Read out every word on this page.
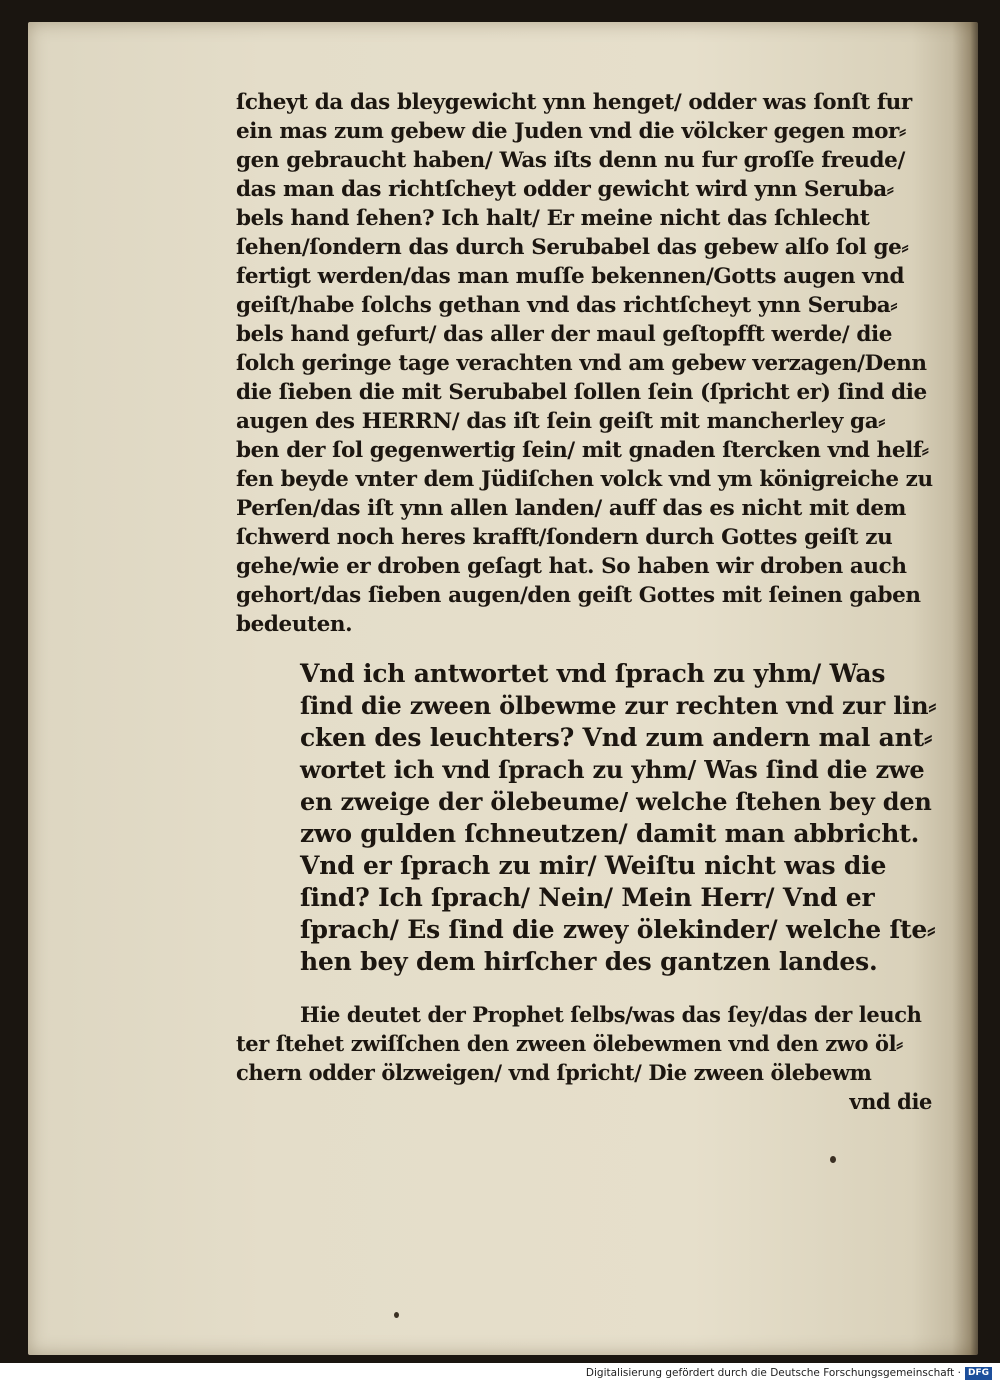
ſcheyt da das bleygewicht ynn henget/ odder was ſonſt fur
ein mas zum gebew die Juden vnd die völcker gegen mor⸗
gen gebraucht haben/ Was iſts denn nu fur groſſe freude/
das man das richtſcheyt odder gewicht wird ynn Seruba⸗
bels hand ſehen? Ich halt/ Er meine nicht das ſchlecht
ſehen/ſondern das durch Serubabel das gebew alſo ſol ge⸗
fertigt werden/das man muſſe bekennen/Gotts augen vnd
geiſt/habe ſolchs gethan vnd das richtſcheyt ynn Seruba⸗
bels hand gefurt/ das aller der maul geſtopfft werde/ die
ſolch geringe tage verachten vnd am gebew verzagen/Denn
die ſieben die mit Serubabel ſollen ſein (ſpricht er) ſind die
augen des HERRN/ das iſt ſein geiſt mit mancherley ga⸗
ben der ſol gegenwertig ſein/ mit gnaden ſtercken vnd helf⸗
fen beyde vnter dem Jüdiſchen volck vnd ym königreiche zu
Perſen/das iſt ynn allen landen/ auff das es nicht mit dem
ſchwerd noch heres krafft/ſondern durch Gottes geiſt zu
gehe/wie er droben geſagt hat. So haben wir droben auch
gehort/das ſieben augen/den geiſt Gottes mit ſeinen gaben
bedeuten.
Vnd ich antwortet vnd ſprach zu yhm/ Was
ſind die zween ölbewme zur rechten vnd zur lin⸗
cken des leuchters? Vnd zum andern mal ant⸗
wortet ich vnd ſprach zu yhm/ Was ſind die zwe
en zweige der ölebeume/ welche ſtehen bey den
zwo gulden ſchneutzen/ damit man abbricht.
Vnd er ſprach zu mir/ Weiſtu nicht was die
ſind? Ich ſprach/ Nein/ Mein Herr/ Vnd er
ſprach/ Es ſind die zwey ölekinder/ welche ſte⸗
hen bey dem hirſcher des gantzen landes.
Hie deutet der Prophet ſelbs/was das ſey/das der leuch
ter ſtehet zwiſſchen den zween ölebewmen vnd den zwo öl⸗
chern odder ölzweigen/ vnd ſpricht/ Die zween ölebewm
vnd die
Digitalisierung gefördert durch die Deutsche Forschungsgemeinschaft · DFG
